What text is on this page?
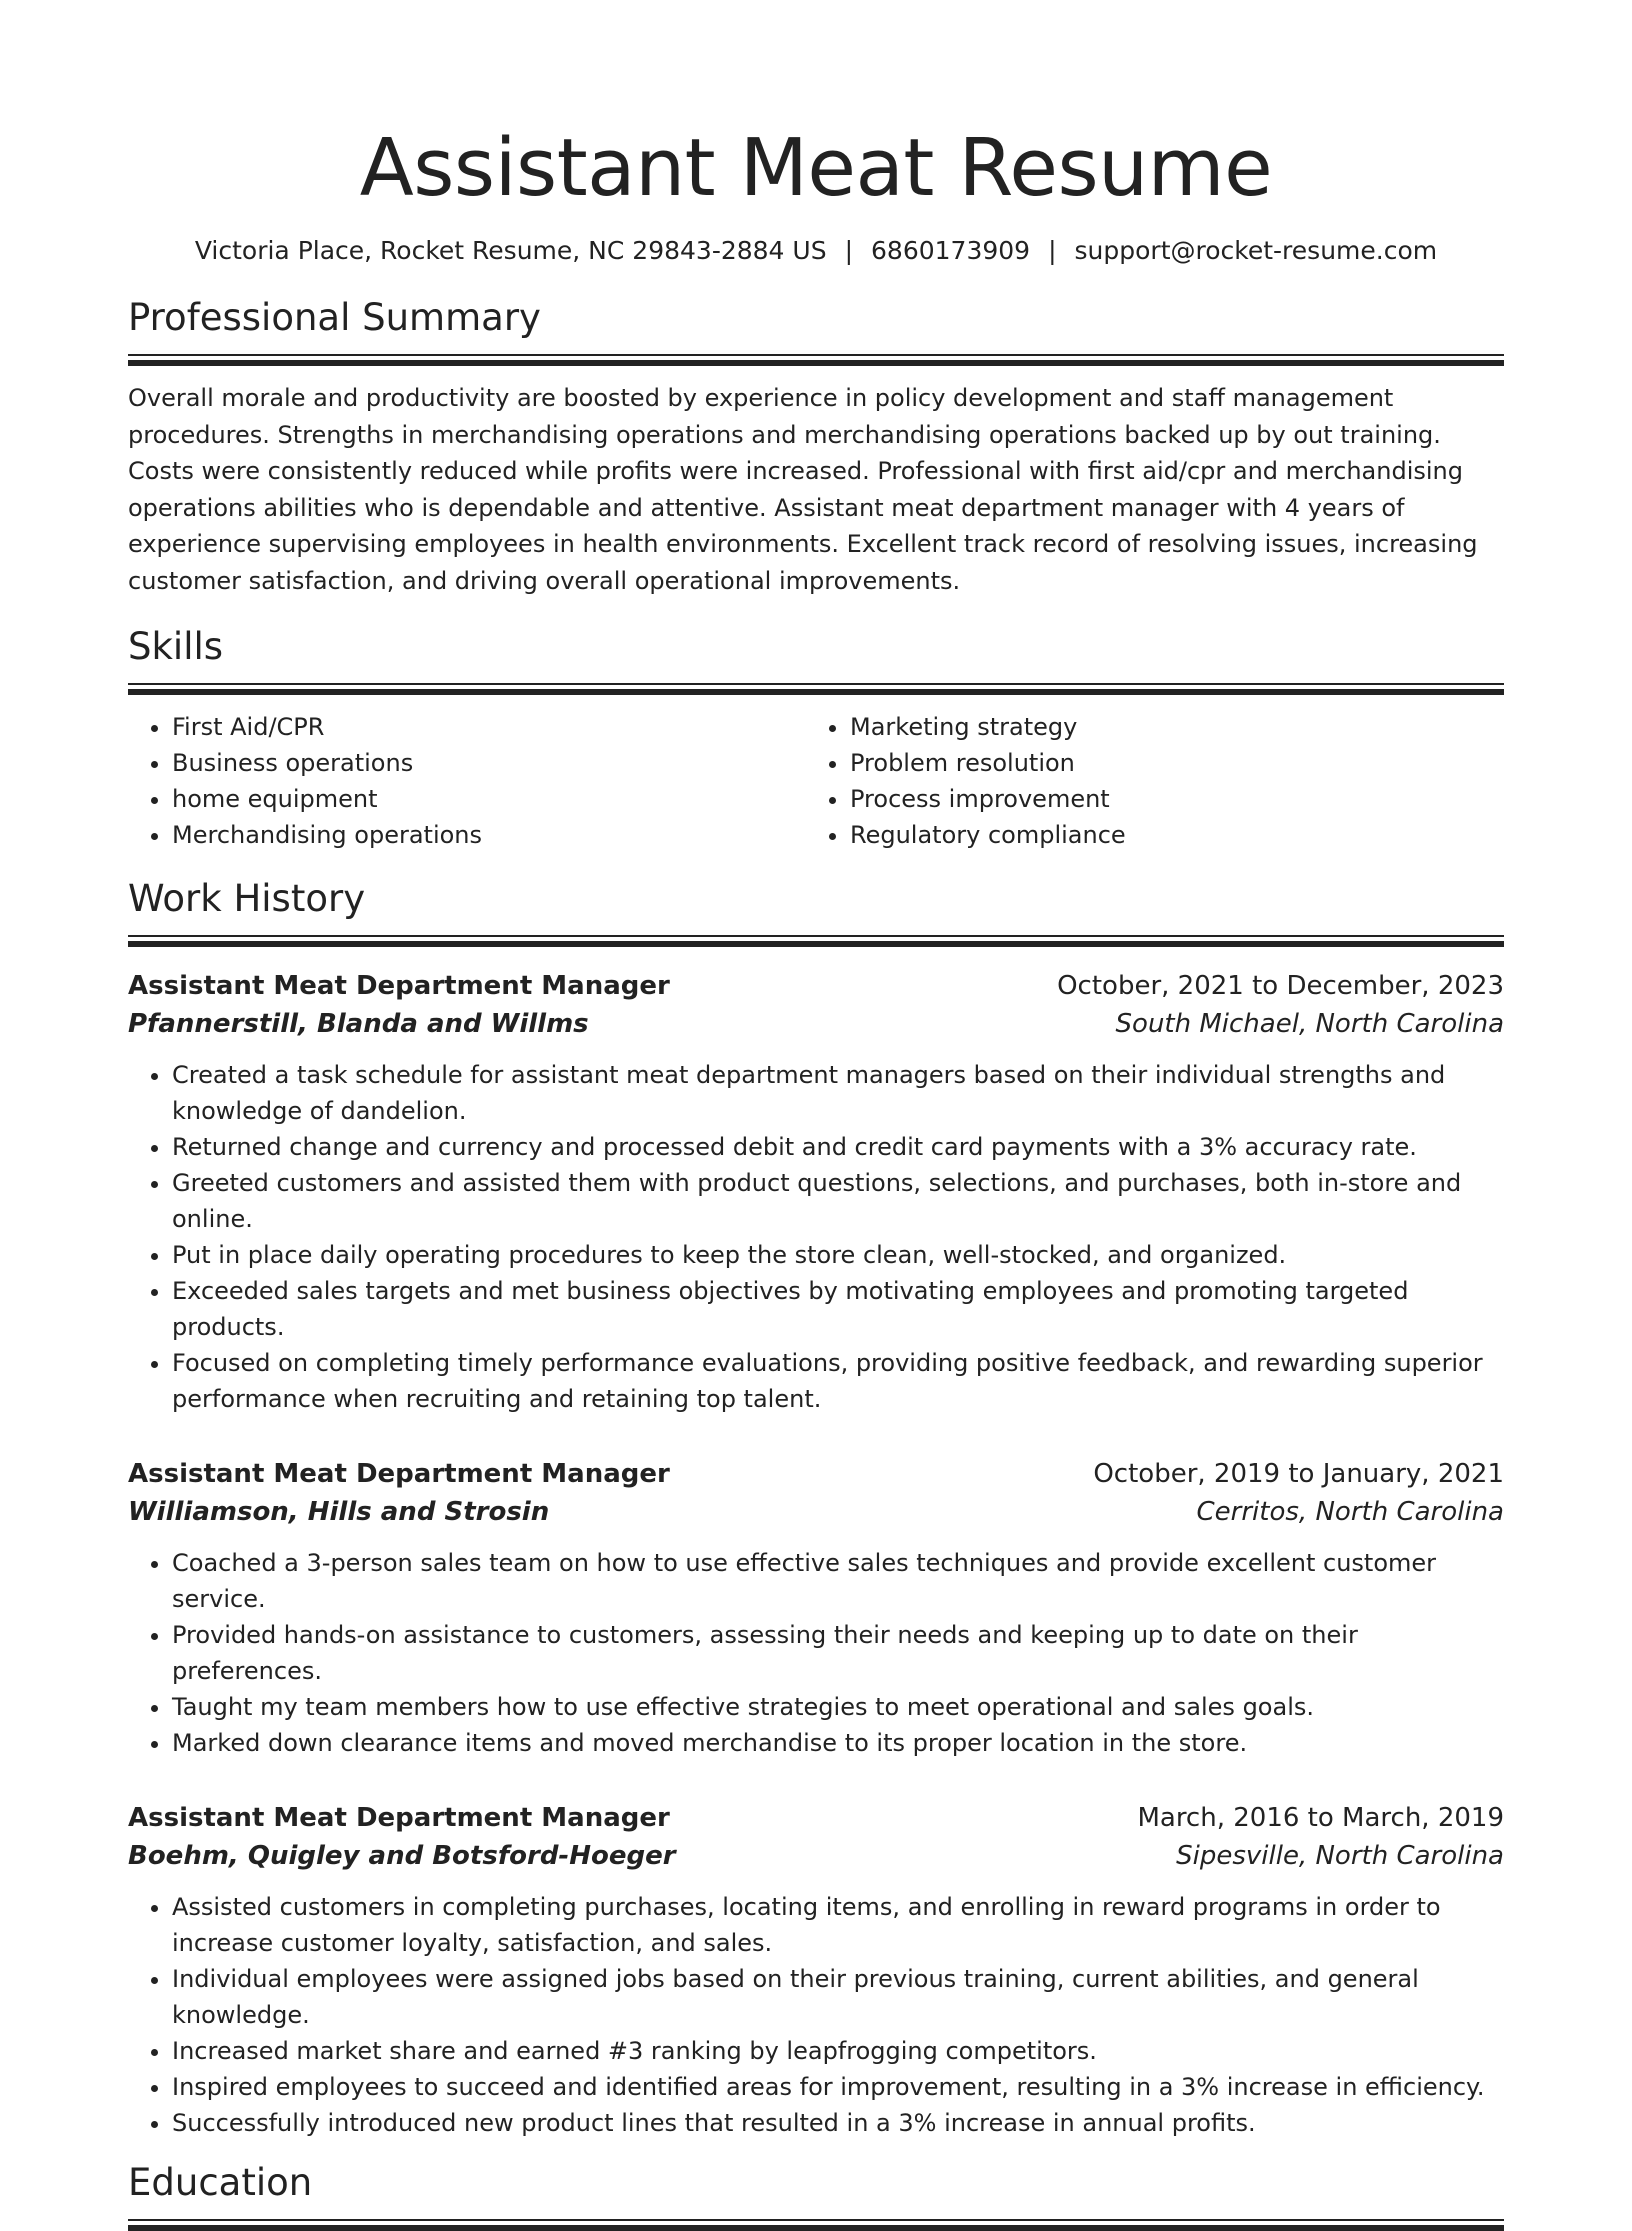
Assistant Meat Resume
Victoria Place, Rocket Resume, NC 29843-2884 US | 6860173909 | support@rocket-resume.com
Professional Summary

Overall morale and productivity are boosted by experience in policy development and staff management procedures. Strengths in merchandising operations and merchandising operations backed up by out training. Costs were consistently reduced while profits were increased. Professional with first aid/cpr and merchandising operations abilities who is dependable and attentive. Assistant meat department manager with 4 years of experience supervising employees in health environments. Excellent track record of resolving issues, increasing customer satisfaction, and driving overall operational improvements.

Skills
• First Aid/CPR
• Business operations
• home equipment
• Merchandising operations
• Marketing strategy
• Problem resolution
• Process improvement
• Regulatory compliance
Work History
Assistant Meat Department Manager	October, 2021 to December, 2023
Pfannerstill, Blanda and Willms	South Michael, North Carolina
• Created a task schedule for assistant meat department managers based on their individual strengths and knowledge of dandelion.
• Returned change and currency and processed debit and credit card payments with a 3% accuracy rate.
• Greeted customers and assisted them with product questions, selections, and purchases, both in-store and online.
• Put in place daily operating procedures to keep the store clean, well-stocked, and organized.
• Exceeded sales targets and met business objectives by motivating employees and promoting targeted products.
• Focused on completing timely performance evaluations, providing positive feedback, and rewarding superior performance when recruiting and retaining top talent.
Assistant Meat Department Manager	October, 2019 to January, 2021
Williamson, Hills and Strosin	Cerritos, North Carolina
• Coached a 3-person sales team on how to use effective sales techniques and provide excellent customer service.
• Provided hands-on assistance to customers, assessing their needs and keeping up to date on their preferences.
• Taught my team members how to use effective strategies to meet operational and sales goals.
• Marked down clearance items and moved merchandise to its proper location in the store.
Assistant Meat Department Manager	March, 2016 to March, 2019
Boehm, Quigley and Botsford-Hoeger	Sipesville, North Carolina
• Assisted customers in completing purchases, locating items, and enrolling in reward programs in order to increase customer loyalty, satisfaction, and sales.
• Individual employees were assigned jobs based on their previous training, current abilities, and general knowledge.
• Increased market share and earned #3 ranking by leapfrogging competitors.
• Inspired employees to succeed and identified areas for improvement, resulting in a 3% increase in efficiency.
• Successfully introduced new product lines that resulted in a 3% increase in annual profits.
Education
